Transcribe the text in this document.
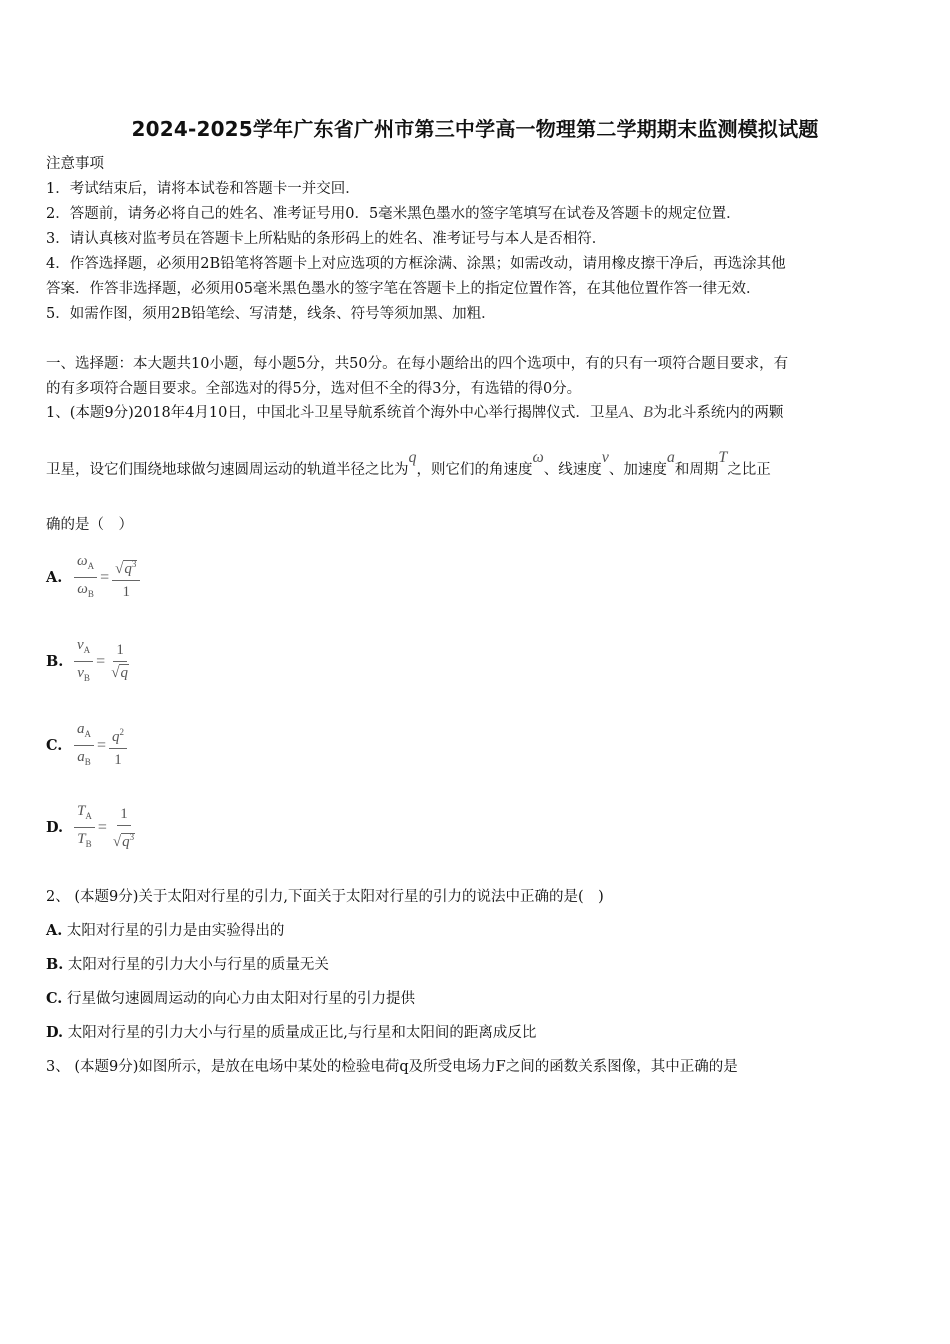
2024-2025学年广东省广州市第三中学高一物理第二学期期末监测模拟试题
注意事项
1．考试结束后，请将本试卷和答题卡一并交回．
2．答题前，请务必将自己的姓名、准考证号用0．5毫米黑色墨水的签字笔填写在试卷及答题卡的规定位置．
3．请认真核对监考员在答题卡上所粘贴的条形码上的姓名、准考证号与本人是否相符．
4．作答选择题，必须用2B铅笔将答题卡上对应选项的方框涂满、涂黑；如需改动，请用橡皮擦干净后，再选涂其他
答案．作答非选择题，必须用05毫米黑色墨水的签字笔在答题卡上的指定位置作答，在其他位置作答一律无效．
5．如需作图，须用2B铅笔绘、写清楚，线条、符号等须加黑、加粗．
一、选择题：本大题共10小题，每小题5分，共50分。在每小题给出的四个选项中，有的只有一项符合题目要求，有
的有多项符合题目要求。全部选对的得5分，选对但不全的得3分，有选错的得0分。
1、(本题9分)2018年4月10日，中国北斗卫星导航系统首个海外中心举行揭牌仪式．卫星A、B为北斗系统内的两颗
卫星，设它们围绕地球做匀速圆周运动的轨道半径之比为q，则它们的角速度ω、线速度v、加速度a和周期T之比正
确的是（　）
A. $\frac{\omega_A}{\omega_B} = \frac{√q^3}{1}$
B. $\frac{v_A}{v_B} = \frac{1}{√q}$
C. $\frac{a_A}{a_B} = \frac{q^2}{1}$
D. $\frac{T_A}{T_B} = \frac{1}{√q^3}$
2、 (本题9分)关于太阳对行星的引力,下面关于太阳对行星的引力的说法中正确的是(　)
A. 太阳对行星的引力是由实验得出的
B. 太阳对行星的引力大小与行星的质量无关
C. 行星做匀速圆周运动的向心力由太阳对行星的引力提供
D. 太阳对行星的引力大小与行星的质量成正比,与行星和太阳间的距离成反比
3、 (本题9分)如图所示，是放在电场中某处的检验电荷q及所受电场力F之间的函数关系图像，其中正确的是
